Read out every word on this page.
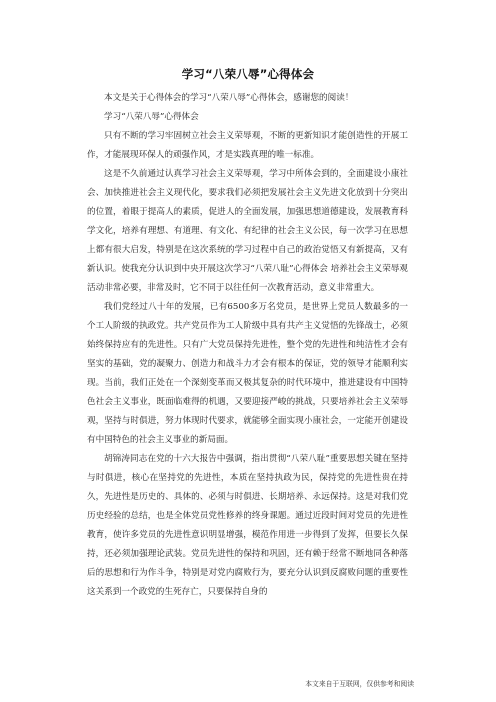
学习“八荣八辱”心得体会

本文是关于心得体会的学习“八荣八辱”心得体会，感谢您的阅读！

学习“八荣八辱”心得体会

只有不断的学习牢固树立社会主义荣辱观，不断的更新知识才能创造性的开展工作，才能展现环保人的顽强作风，才是实践真理的唯一标准。

这是不久前通过认真学习社会主义荣辱观，学习中所体会到的，全面建设小康社会、加快推进社会主义现代化，要求我们必须把发展社会主义先进文化放到十分突出的位置，着眼于提高人的素质，促进人的全面发展，加强思想道德建设，发展教育科学文化，培养有理想、有道理、有文化、有纪律的社会主义公民，每一次学习在思想上都有很大启发，特别是在这次系统的学习过程中自己的政治觉悟又有新提高，又有新认识。使我充分认识到中央开展这次学习“八荣八耻”心得体会 培养社会主义荣辱观活动非常必要，非常及时，它不同于以往任何一次教育活动，意义非常重大。

我们党经过八十年的发展，已有6500多万名党员，是世界上党员人数最多的一个工人阶级的执政党。共产党员作为工人阶级中具有共产主义觉悟的先锋战士，必须始终保持应有的先进性。只有广大党员保持先进性，整个党的先进性和纯洁性才会有坚实的基础，党的凝聚力、创造力和战斗力才会有根本的保证，党的领导才能顺利实现。当前，我们正处在一个深刻变革而又极其复杂的时代环境中，推进建设有中国特色社会主义事业，既面临难得的机遇，又要迎接严峻的挑战，只要培养社会主义荣辱观，坚持与时俱进，努力体现时代要求，就能够全面实现小康社会，一定能开创建设有中国特色的社会主义事业的新局面。

胡锦涛同志在党的十六大报告中强调，指出贯彻“八荣八耻”重要思想关键在坚持与时俱进，核心在坚持党的先进性，本质在坚持执政为民，保持党的先进性贵在持久，先进性是历史的、具体的、必须与时俱进、长期培养、永远保持。这是对我们党历史经验的总结，也是全体党员党性修养的终身课题。通过近段时间对党员的先进性教育，使许多党员的先进性意识明显增强，模范作用进一步得到了发挥，但要长久保持，还必须加强理论武装。党员先进性的保持和巩固，还有赖于经常不断地同各种落后的思想和行为作斗争，特别是对党内腐败行为，要充分认识到反腐败问题的重要性这关系到一个政党的生死存亡，只要保持自身的

本文来自于互联网，仅供参考和阅读
